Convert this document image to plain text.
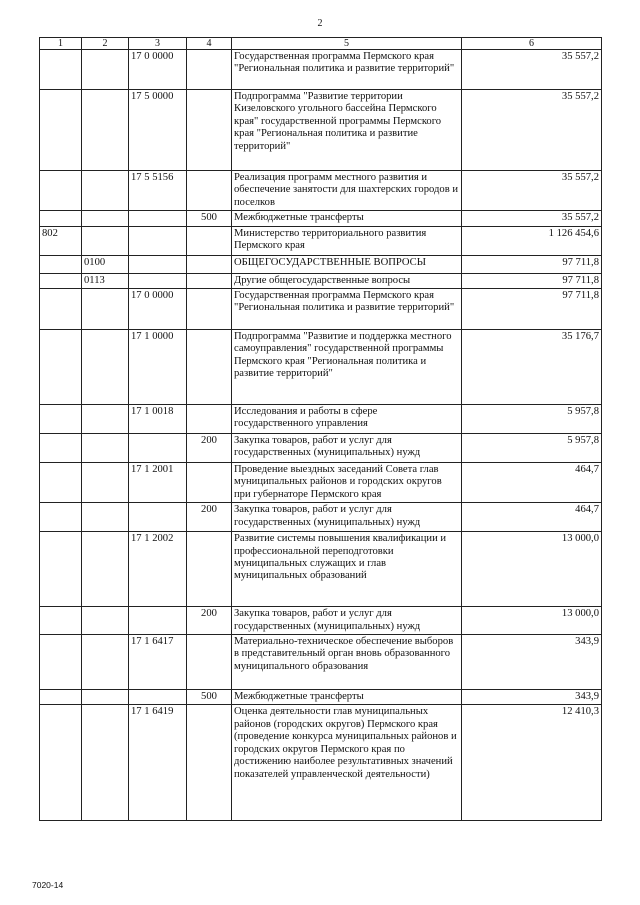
2
1	2	3	4	5	6
		17 0 0000		Государственная программа Пермского края "Региональная политика и развитие территорий"	35 557,2
		17 5 0000		Подпрограмма "Развитие территории Кизеловского угольного бассейна Пермского края" государственной программы Пермского края "Региональная политика и развитие территорий"	35 557,2
		17 5 5156		Реализация программ местного развития и обеспечение занятости для шахтерских городов и поселков	35 557,2
			500	Межбюджетные трансферты	35 557,2
802				Министерство территориального развития Пермского края	1 126 454,6
	0100			ОБЩЕГОСУДАРСТВЕННЫЕ ВОПРОСЫ	97 711,8
	0113			Другие общегосударственные вопросы	97 711,8
		17 0 0000		Государственная программа Пермского края "Региональная политика и развитие территорий"	97 711,8
		17 1 0000		Подпрограмма "Развитие и поддержка местного самоуправления" государственной программы Пермского края "Региональная политика и развитие территорий"	35 176,7
		17 1 0018		Исследования и работы в сфере государственного управления	5 957,8
			200	Закупка товаров, работ и услуг для государственных (муниципальных) нужд	5 957,8
		17 1 2001		Проведение выездных заседаний Совета глав муниципальных районов и городских округов при губернаторе Пермского края	464,7
			200	Закупка товаров, работ и услуг для государственных (муниципальных) нужд	464,7
		17 1 2002		Развитие системы повышения квалификации и профессиональной переподготовки муниципальных служащих и глав муниципальных образований	13 000,0
			200	Закупка товаров, работ и услуг для государственных (муниципальных) нужд	13 000,0
		17 1 6417		Материально-техническое обеспечение выборов в представительный орган вновь образованного муниципального образования	343,9
			500	Межбюджетные трансферты	343,9
		17 1 6419		Оценка деятельности глав муниципальных районов (городских округов) Пермского края (проведение конкурса муниципальных районов и городских округов Пермского края по достижению наиболее результативных значений показателей управленческой деятельности)	12 410,3
7020-14
